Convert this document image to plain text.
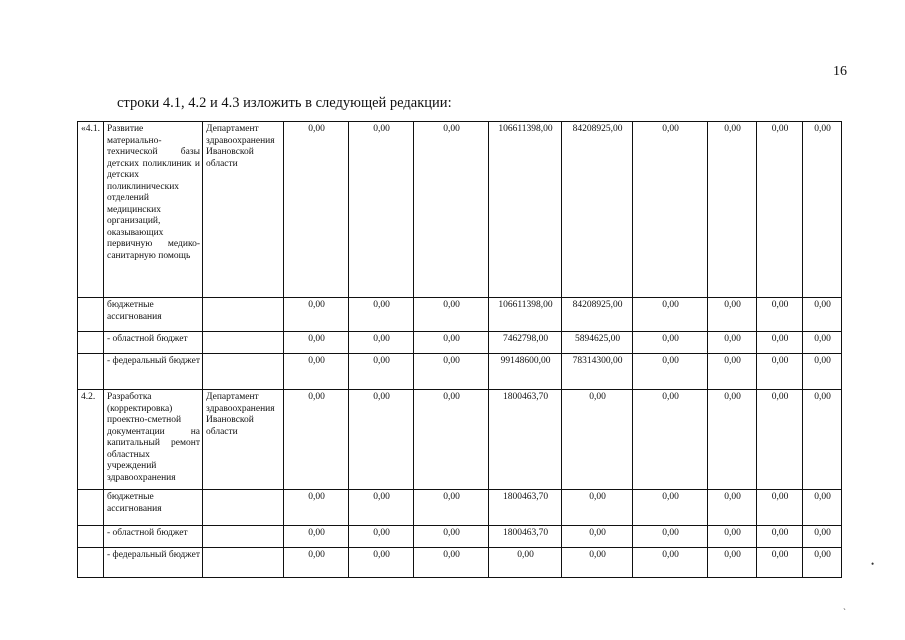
16
строки 4.1, 4.2 и 4.3 изложить в следующей редакции:
«4.1.	Развитие материально-технической базы детских поликлиник и детских поликлинических отделений медицинских организаций, оказывающих первичную медико-санитарную помощь	Департамент здравоохранения Ивановской области	0,00	0,00	0,00	106611398,00	84208925,00	0,00	0,00	0,00	0,00
	бюджетные ассигнования		0,00	0,00	0,00	106611398,00	84208925,00	0,00	0,00	0,00	0,00
	- областной бюджет		0,00	0,00	0,00	7462798,00	5894625,00	0,00	0,00	0,00	0,00
	- федеральный бюджет		0,00	0,00	0,00	99148600,00	78314300,00	0,00	0,00	0,00	0,00
4.2.	Разработка (корректировка) проектно-сметной документации на капитальный ремонт областных учреждений здравоохранения	Департамент здравоохранения Ивановской области	0,00	0,00	0,00	1800463,70	0,00	0,00	0,00	0,00	0,00
	бюджетные ассигнования		0,00	0,00	0,00	1800463,70	0,00	0,00	0,00	0,00	0,00
	- областной бюджет		0,00	0,00	0,00	1800463,70	0,00	0,00	0,00	0,00	0,00
	- федеральный бюджет		0,00	0,00	0,00	0,00	0,00	0,00	0,00	0,00	0,00
•
ˎ
